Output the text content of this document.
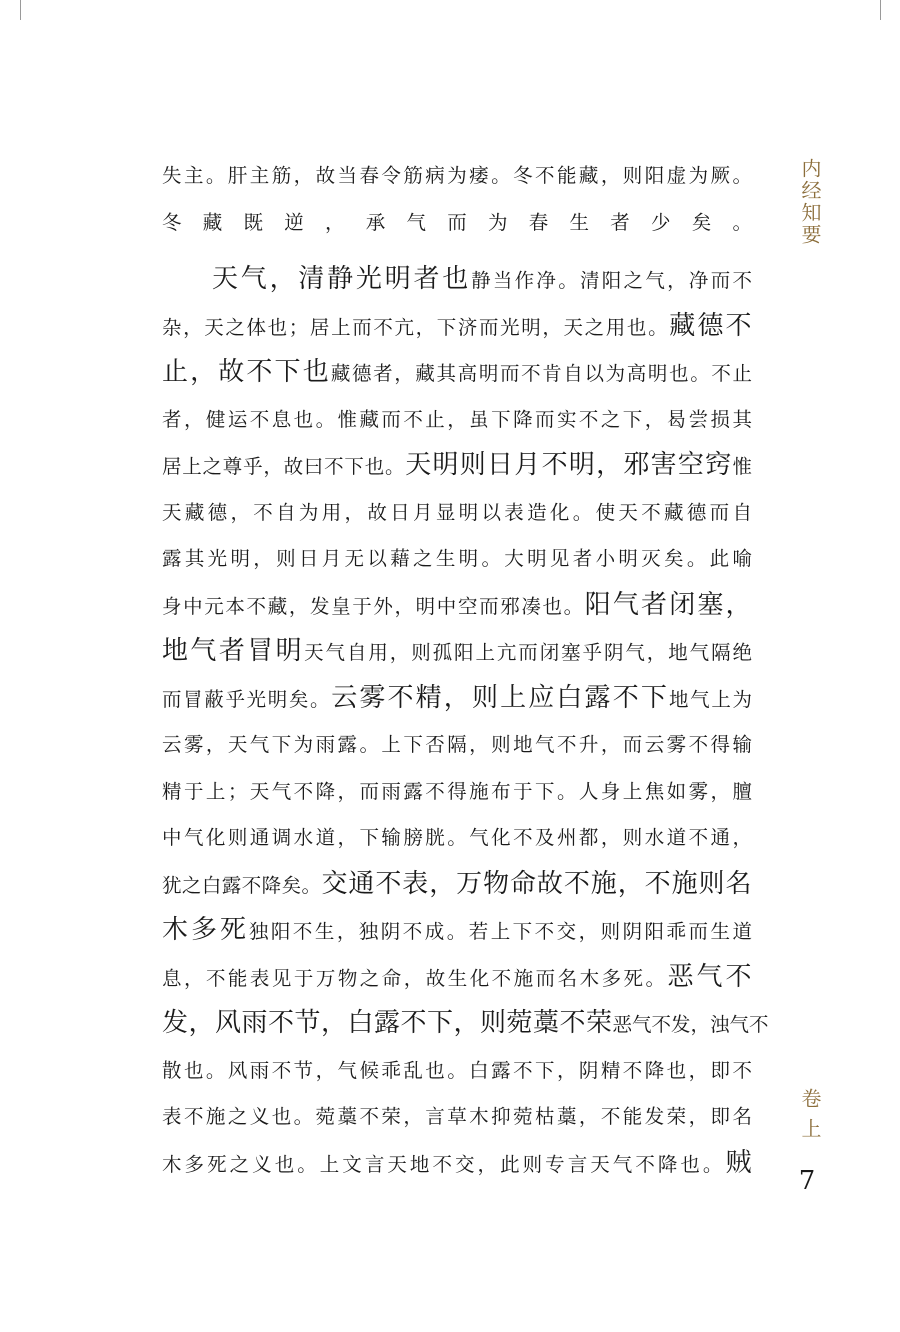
内经知要
失主。肝主筋，故当春令筋病为痿。冬不能藏，则阳虚为厥。
冬藏既逆，承气而为春生者少矣。
天气，清静光明者也静当作净。清阳之气，净而不
杂，天之体也；居上而不亢，下济而光明，天之用也。藏德不
止，故不下也藏德者，藏其高明而不肯自以为高明也。不止
者，健运不息也。惟藏而不止，虽下降而实不之下，曷尝损其
居上之尊乎，故曰不下也。天明则日月不明，邪害空窍惟
天藏德，不自为用，故日月显明以表造化。使天不藏德而自
露其光明，则日月无以藉之生明。大明见者小明灭矣。此喻
身中元本不藏，发皇于外，明中空而邪凑也。阳气者闭塞，
地气者冒明天气自用，则孤阳上亢而闭塞乎阴气，地气隔绝
而冒蔽乎光明矣。云雾不精，则上应白露不下地气上为
云雾，天气下为雨露。上下否隔，则地气不升，而云雾不得输
精于上；天气不降，而雨露不得施布于下。人身上焦如雾，膻
中气化则通调水道，下输膀胱。气化不及州都，则水道不通，
犹之白露不降矣。交通不表，万物命故不施，不施则名
木多死独阳不生，独阴不成。若上下不交，则阴阳乖而生道
息，不能表见于万物之命，故生化不施而名木多死。恶气不
发，风雨不节，白露不下，则菀藁不荣恶气不发，浊气不
散也。风雨不节，气候乖乱也。白露不下，阴精不降也，即不
表不施之义也。菀藁不荣，言草木抑菀枯藁，不能发荣，即名
木多死之义也。上文言天地不交，此则专言天气不降也。贼
卷上
7
